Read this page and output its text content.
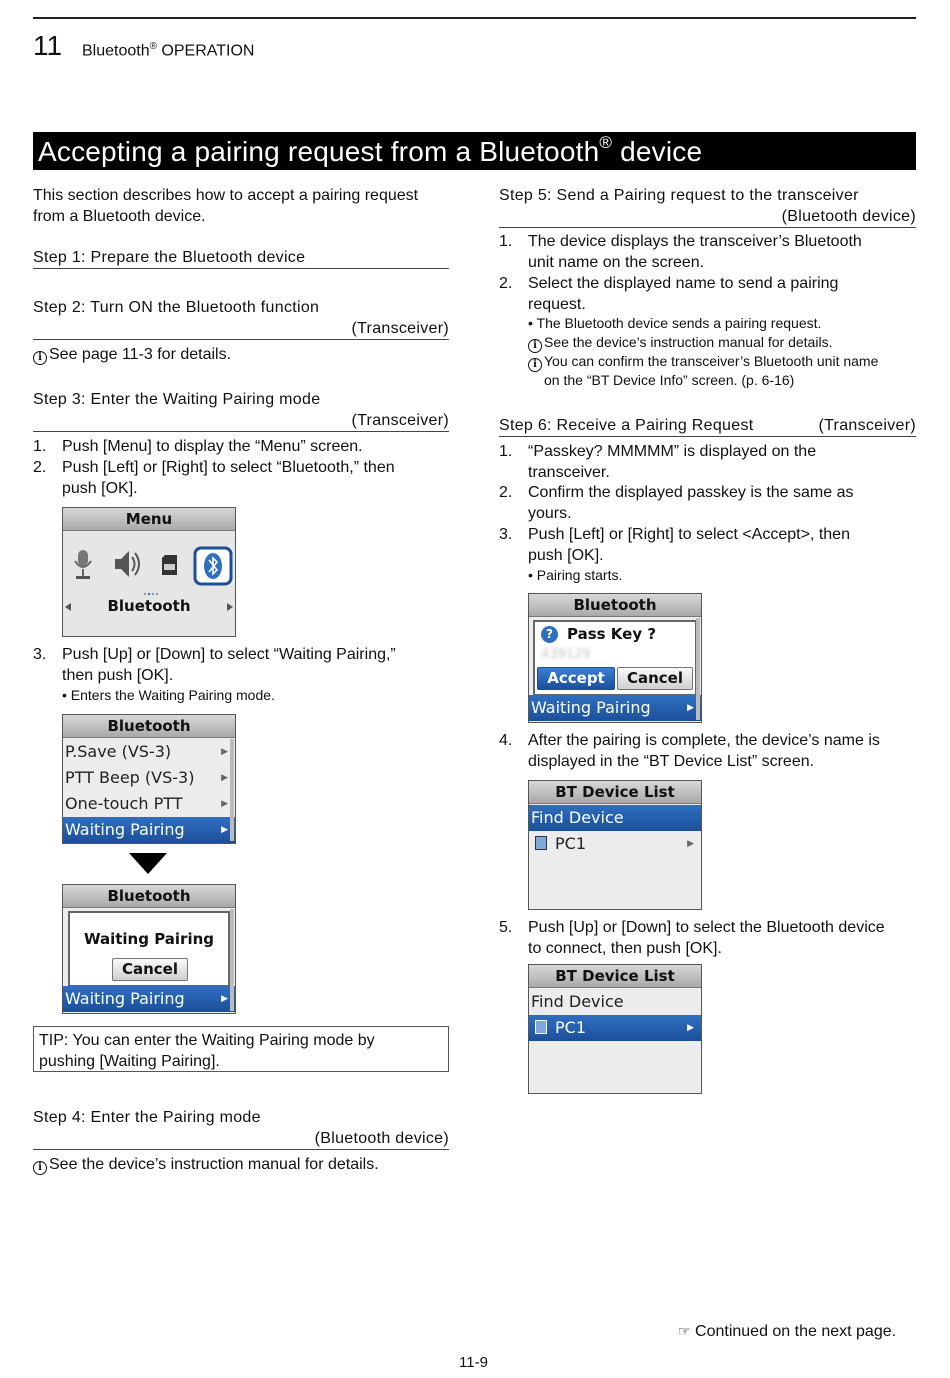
11 Bluetooth® OPERATION
Accepting a pairing request from a Bluetooth® device
This section describes how to accept a pairing request from a Bluetooth device.
Step 1: Prepare the Bluetooth device
Step 2: Turn ON the Bluetooth function
(Transceiver)
i See page 11-3 for details.
Step 3: Enter the Waiting Pairing mode
(Transceiver)
1. Push [Menu] to display the “Menu” screen.
2. Push [Left] or [Right] to select “Bluetooth,” then
push [OK].
Menu
Bluetooth
3. Push [Up] or [Down] to select “Waiting Pairing,”
then push [OK].
• Enters the Waiting Pairing mode.
Bluetooth
P.Save (VS-3)	▶
PTT Beep (VS-3)	▶
One-touch PTT	▶
Waiting Pairing	▶
Bluetooth
Waiting Pairing
Cancel
Waiting Pairing	▶
TIP: You can enter the Waiting Pairing mode by
pushing [Waiting Pairing].
Step 4: Enter the Pairing mode
(Bluetooth device)
i See the device’s instruction manual for details.
Step 5: Send a Pairing request to the transceiver
(Bluetooth device)
1. The device displays the transceiver’s Bluetooth
unit name on the screen.
2. Select the displayed name to send a pairing
request.
• The Bluetooth device sends a pairing request.
i See the device’s instruction manual for details.
i You can confirm the transceiver’s Bluetooth unit name
on the “BT Device Info” screen. (p. 6-16)
Step 6: Receive a Pairing Request	(Transceiver)
1. “Passkey? MMMMM” is displayed on the
transceiver.
2. Confirm the displayed passkey is the same as
yours.
3. Push [Left] or [Right] to select <Accept>, then
push [OK].
• Pairing starts.
Bluetooth
? Pass Key ?
439129
Accept	Cancel
Waiting Pairing	▶
4. After the pairing is complete, the device’s name is
displayed in the “BT Device List” screen.
BT Device List
Find Device
PC1	▶
5. Push [Up] or [Down] to select the Bluetooth device
to connect, then push [OK].
BT Device List
Find Device
PC1	▶
☞ Continued on the next page.
11-9
